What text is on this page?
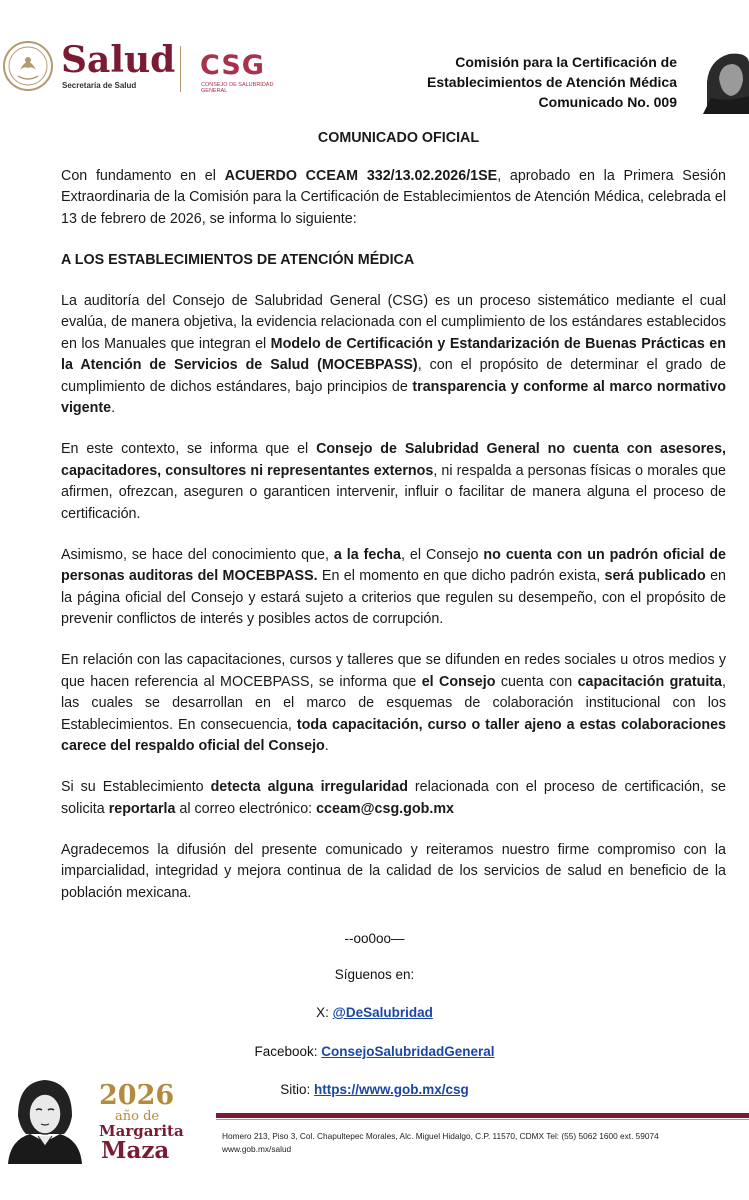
Salud
Secretaría de Salud
CSG
CONSEJO DE SALUBRIDAD GENERAL
Comisión para la Certificación de
Establecimientos de Atención Médica
Comunicado No. 009
COMUNICADO OFICIAL

Con fundamento en el ACUERDO CCEAM 332/13.02.2026/1SE, aprobado en la Primera Sesión Extraordinaria de la Comisión para la Certificación de Establecimientos de Atención Médica, celebrada el 13 de febrero de 2026, se informa lo siguiente:

A LOS ESTABLECIMIENTOS DE ATENCIÓN MÉDICA

La auditoría del Consejo de Salubridad General (CSG) es un proceso sistemático mediante el cual evalúa, de manera objetiva, la evidencia relacionada con el cumplimiento de los estándares establecidos en los Manuales que integran el Modelo de Certificación y Estandarización de Buenas Prácticas en la Atención de Servicios de Salud (MOCEBPASS), con el propósito de determinar el grado de cumplimiento de dichos estándares, bajo principios de transparencia y conforme al marco normativo vigente.

En este contexto, se informa que el Consejo de Salubridad General no cuenta con asesores, capacitadores, consultores ni representantes externos, ni respalda a personas físicas o morales que afirmen, ofrezcan, aseguren o garanticen intervenir, influir o facilitar de manera alguna el proceso de certificación.

Asimismo, se hace del conocimiento que, a la fecha, el Consejo no cuenta con un padrón oficial de personas auditoras del MOCEBPASS. En el momento en que dicho padrón exista, será publicado en la página oficial del Consejo y estará sujeto a criterios que regulen su desempeño, con el propósito de prevenir conflictos de interés y posibles actos de corrupción.

En relación con las capacitaciones, cursos y talleres que se difunden en redes sociales u otros medios y que hacen referencia al MOCEBPASS, se informa que el Consejo cuenta con capacitación gratuita, las cuales se desarrollan en el marco de esquemas de colaboración institucional con los Establecimientos. En consecuencia, toda capacitación, curso o taller ajeno a estas colaboraciones carece del respaldo oficial del Consejo.

Si su Establecimiento detecta alguna irregularidad relacionada con el proceso de certificación, se solicita reportarla al correo electrónico: cceam@csg.gob.mx

Agradecemos la difusión del presente comunicado y reiteramos nuestro firme compromiso con la imparcialidad, integridad y mejora continua de la calidad de los servicios de salud en beneficio de la población mexicana.

--oo0oo—
Síguenos en:
X: @DeSalubridad
Facebook: ConsejoSalubridadGeneral
Sitio: https://www.gob.mx/csg
2026
año de
Margarita
Maza
Homero 213, Piso 3, Col. Chapultepec Morales, Alc. Miguel Hidalgo, C.P. 11570, CDMX Tel: (55) 5062 1600 ext. 59074
www.gob.mx/salud
